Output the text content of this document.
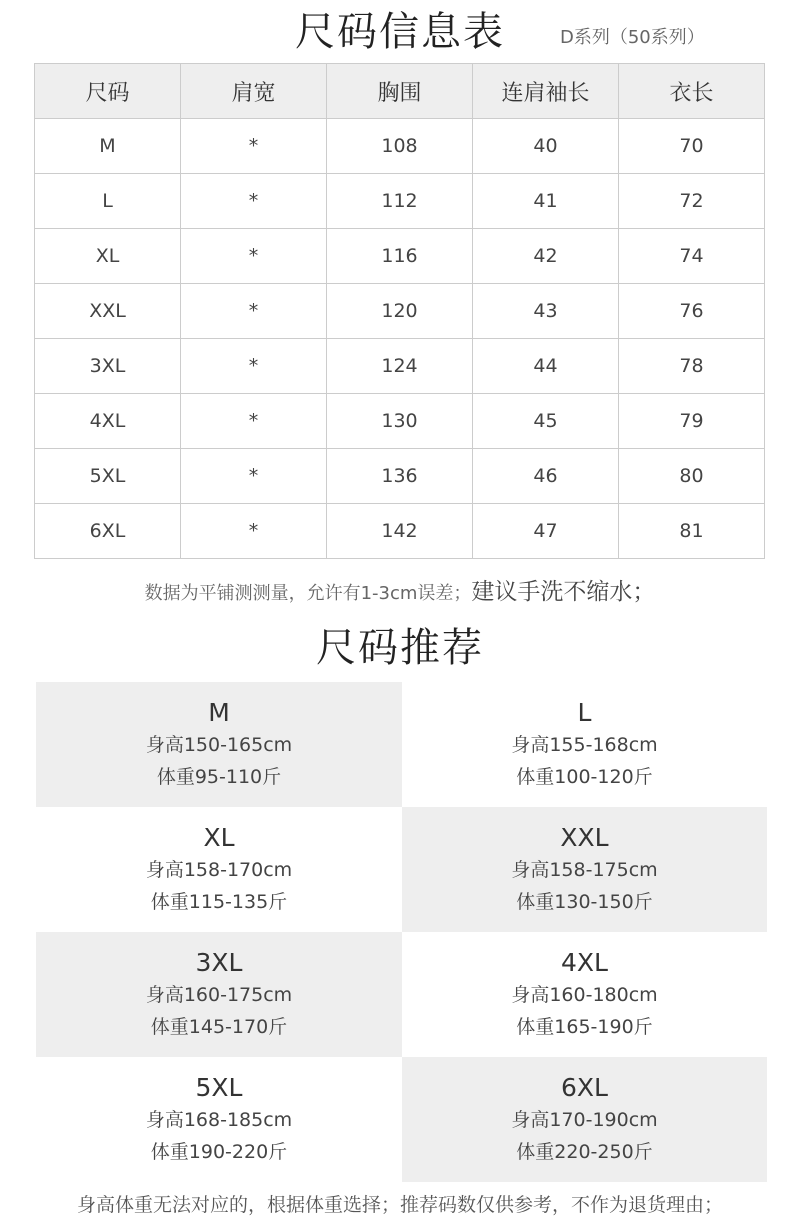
尺码信息表	D系列（50系列）
尺码	肩宽	胸围	连肩袖长	衣长
M	*	108	40	70
L	*	112	41	72
XL	*	116	42	74
XXL	*	120	43	76
3XL	*	124	44	78
4XL	*	130	45	79
5XL	*	136	46	80
6XL	*	142	47	81
数据为平铺测测量，允许有1-3cm误差；建议手洗不缩水；
尺码推荐
M
身高150-165cm
体重95-110斤
L
身高155-168cm
体重100-120斤
XL
身高158-170cm
体重115-135斤
XXL
身高158-175cm
体重130-150斤
3XL
身高160-175cm
体重145-170斤
4XL
身高160-180cm
体重165-190斤
5XL
身高168-185cm
体重190-220斤
6XL
身高170-190cm
体重220-250斤
身高体重无法对应的，根据体重选择；推荐码数仅供参考，不作为退货理由；
